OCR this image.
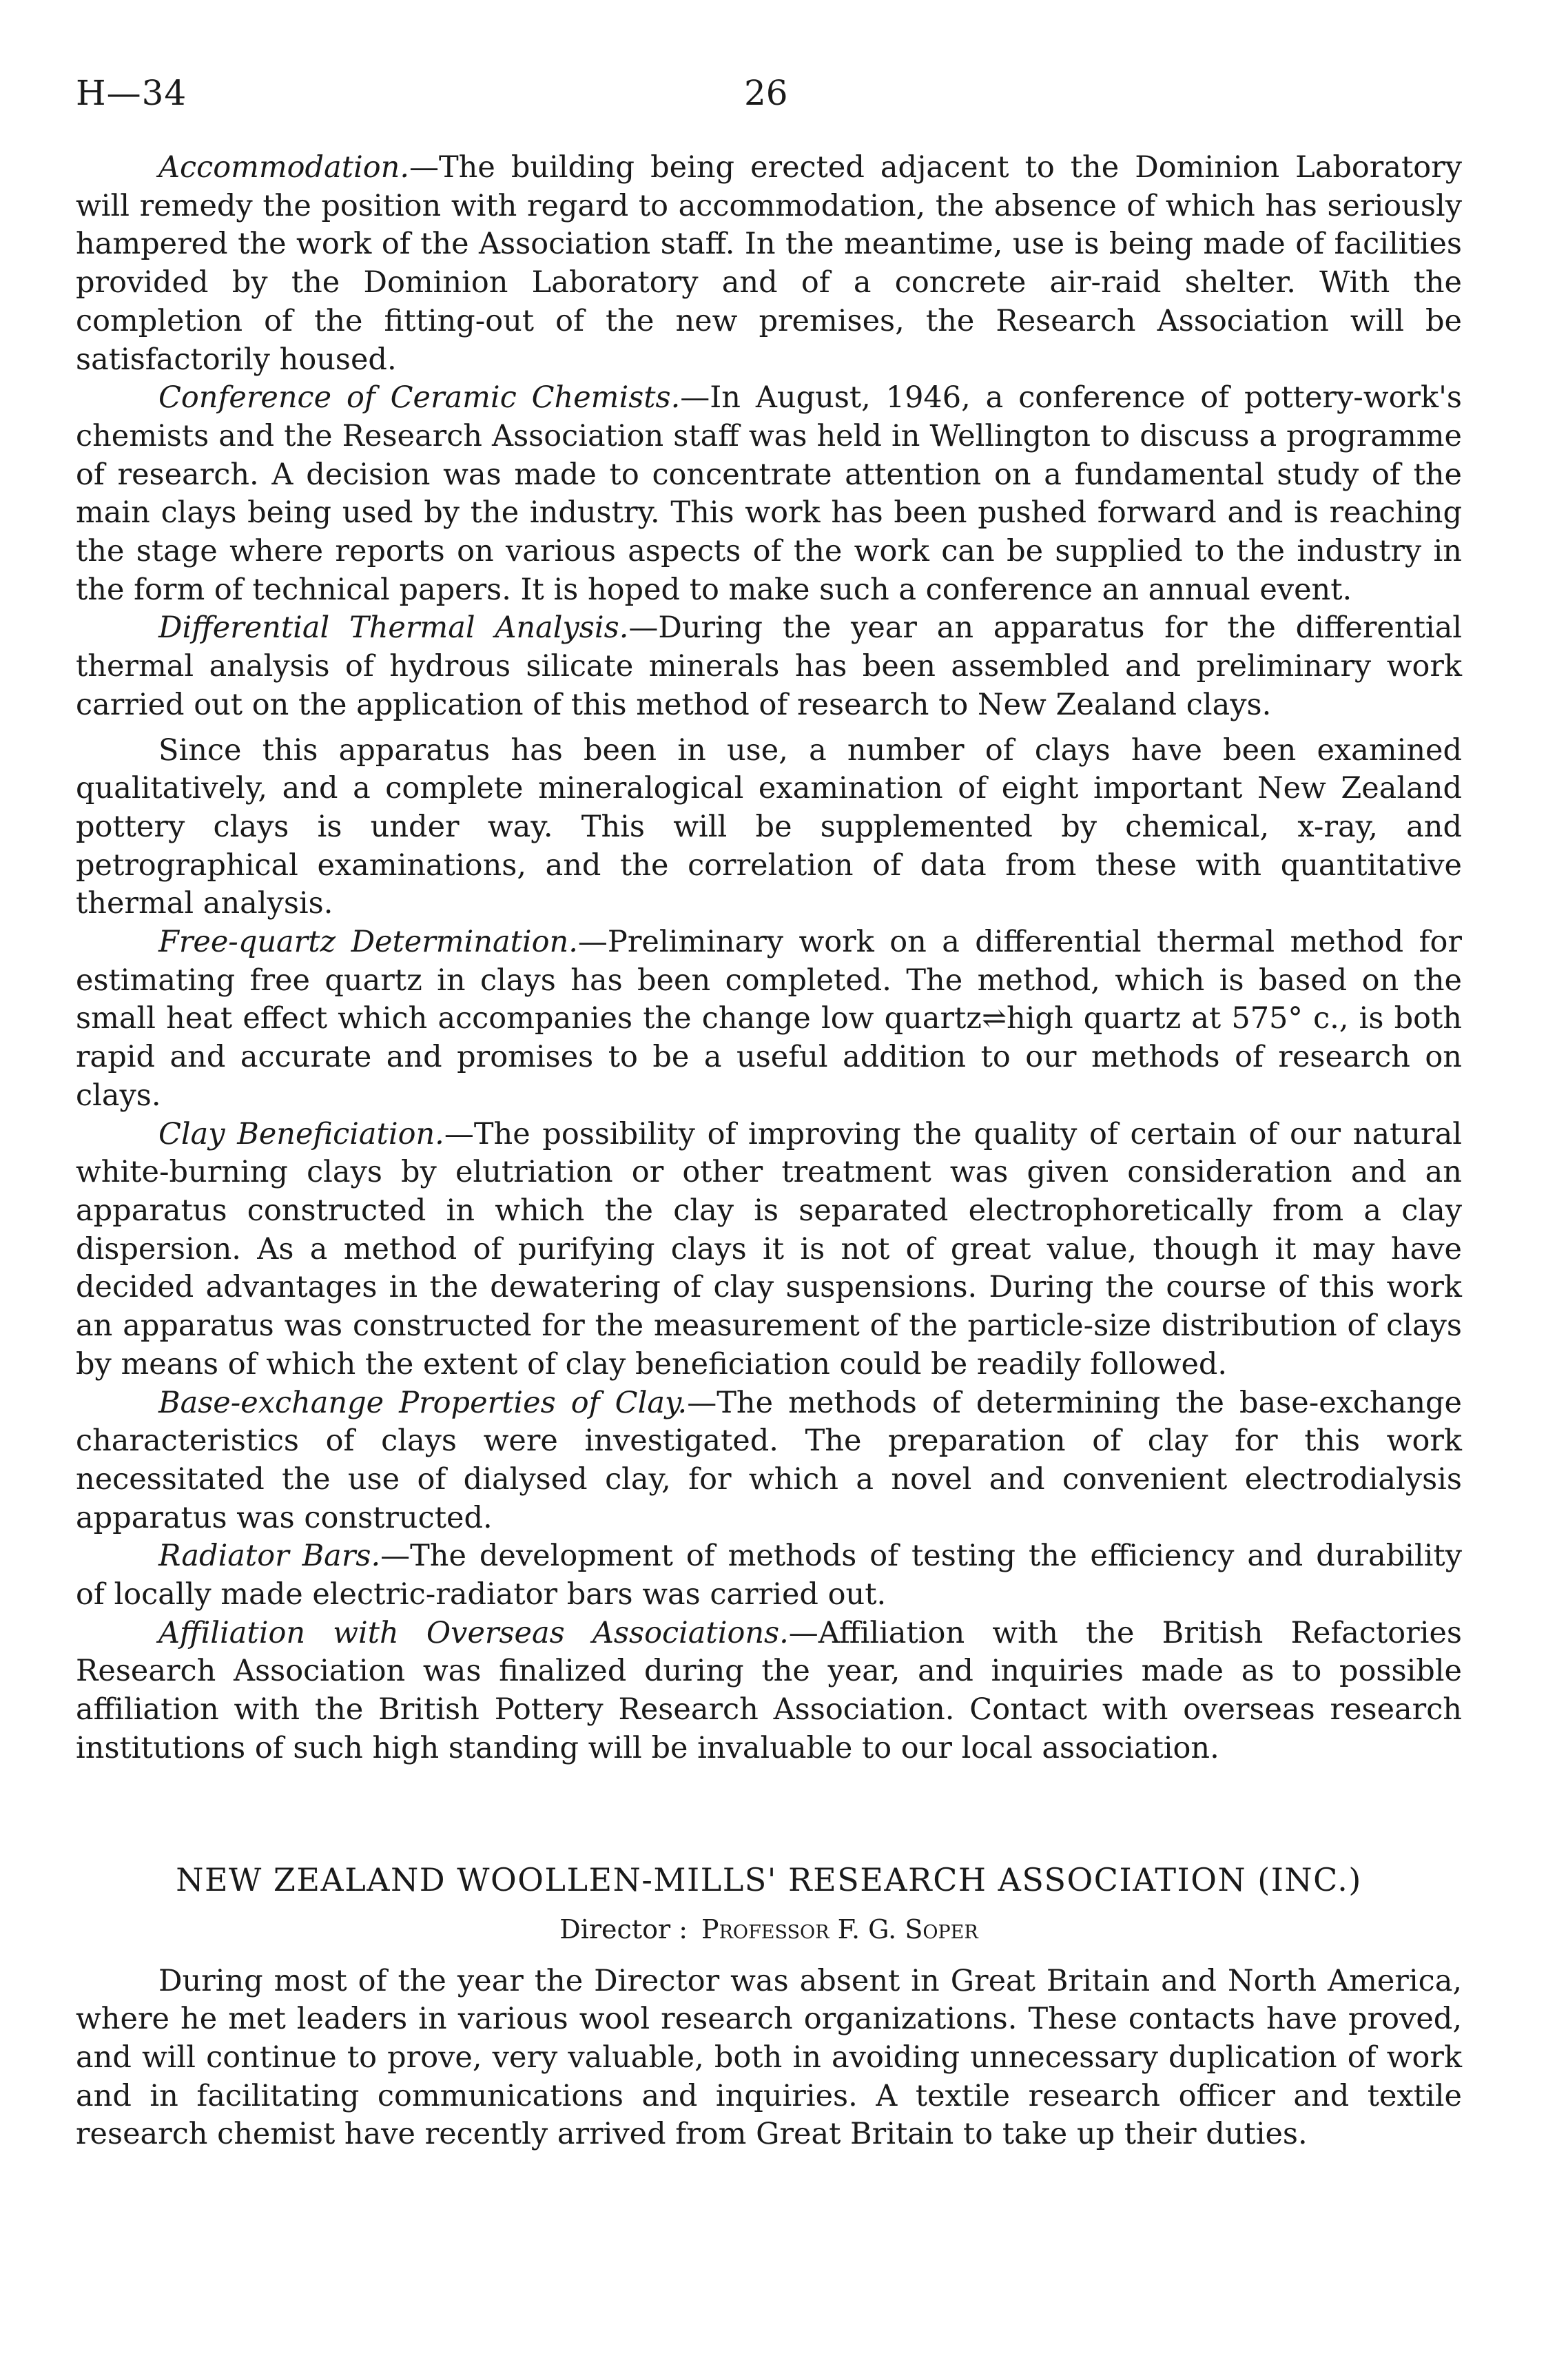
H—34	26

Accommodation.—The building being erected adjacent to the Dominion Laboratory will remedy the position with regard to accommodation, the absence of which has seriously hampered the work of the Association staff. In the meantime, use is being made of facilities provided by the Dominion Laboratory and of a concrete air-raid shelter. With the completion of the fitting-out of the new premises, the Research Association will be satisfactorily housed.

Conference of Ceramic Chemists.—In August, 1946, a conference of pottery-work's chemists and the Research Association staff was held in Wellington to discuss a programme of research. A decision was made to concentrate attention on a fundamental study of the main clays being used by the industry. This work has been pushed forward and is reaching the stage where reports on various aspects of the work can be supplied to the industry in the form of technical papers. It is hoped to make such a conference an annual event.

Differential Thermal Analysis.—During the year an apparatus for the differential thermal analysis of hydrous silicate minerals has been assembled and preliminary work carried out on the application of this method of research to New Zealand clays.

Since this apparatus has been in use, a number of clays have been examined qualitatively, and a complete mineralogical examination of eight important New Zealand pottery clays is under way. This will be supplemented by chemical, x-ray, and petrographical examinations, and the correlation of data from these with quantitative thermal analysis.

Free-quartz Determination.—Preliminary work on a differential thermal method for estimating free quartz in clays has been completed. The method, which is based on the small heat effect which accompanies the change low quartz⇌high quartz at 575° c., is both rapid and accurate and promises to be a useful addition to our methods of research on clays.

Clay Beneficiation.—The possibility of improving the quality of certain of our natural white-burning clays by elutriation or other treatment was given consideration and an apparatus constructed in which the clay is separated electrophoretically from a clay dispersion. As a method of purifying clays it is not of great value, though it may have decided advantages in the dewatering of clay suspensions. During the course of this work an apparatus was constructed for the measurement of the particle-size distribution of clays by means of which the extent of clay beneficiation could be readily followed.

Base-exchange Properties of Clay.—The methods of determining the base-exchange characteristics of clays were investigated. The preparation of clay for this work necessitated the use of dialysed clay, for which a novel and convenient electrodialysis apparatus was constructed.

Radiator Bars.—The development of methods of testing the efficiency and durability of locally made electric-radiator bars was carried out.

Affiliation with Overseas Associations.—Affiliation with the British Refactories Research Association was finalized during the year, and inquiries made as to possible affiliation with the British Pottery Research Association. Contact with overseas research institutions of such high standing will be invaluable to our local association.

NEW ZEALAND WOOLLEN-MILLS' RESEARCH ASSOCIATION (INC.)
Director : Professor F. G. Soper

During most of the year the Director was absent in Great Britain and North America, where he met leaders in various wool research organizations. These contacts have proved, and will continue to prove, very valuable, both in avoiding unnecessary duplication of work and in facilitating communications and inquiries. A textile research officer and textile research chemist have recently arrived from Great Britain to take up their duties.
